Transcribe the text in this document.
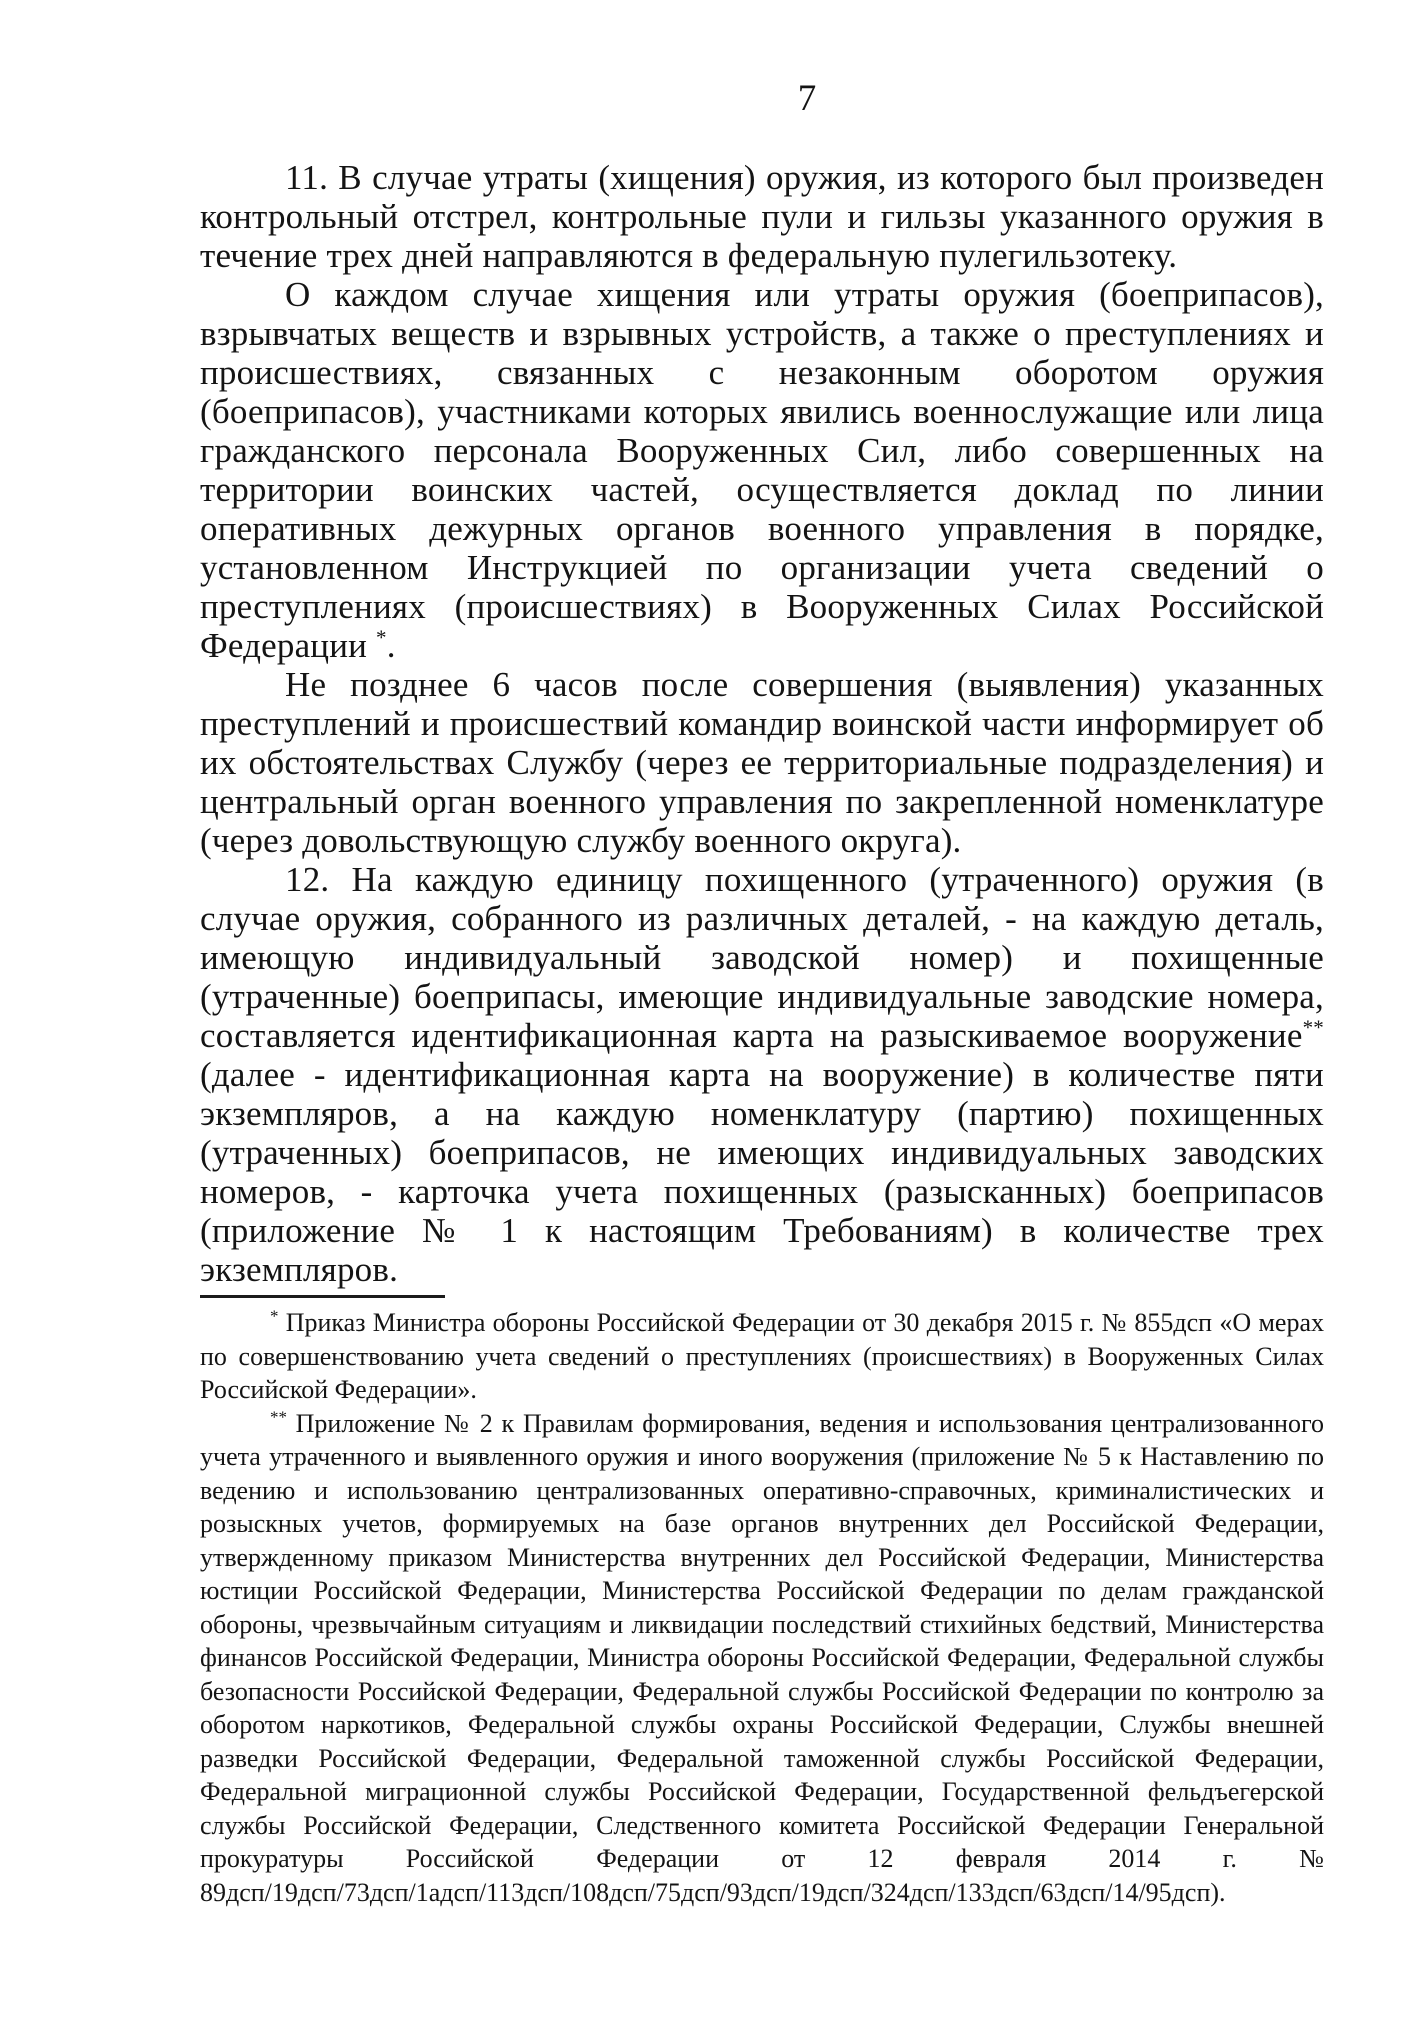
7

11. В случае утраты (хищения) оружия, из которого был произведен контрольный отстрел, контрольные пули и гильзы указанного оружия в течение трех дней направляются в федеральную пулегильзотеку.

О каждом случае хищения или утраты оружия (боеприпасов), взрывчатых веществ и взрывных устройств, а также о преступлениях и происшествиях, связанных с незаконным оборотом оружия (боеприпасов), участниками которых явились военнослужащие или лица гражданского персонала Вооруженных Сил, либо совершенных на территории воинских частей, осуществляется доклад по линии оперативных дежурных органов военного управления в порядке, установленном Инструкцией по организации учета сведений о преступлениях (происшествиях) в Вооруженных Силах Российской Федерации *.

Не позднее 6 часов после совершения (выявления) указанных преступлений и происшествий командир воинской части информирует об их обстоятельствах Службу (через ее территориальные подразделения) и центральный орган военного управления по закрепленной номенклатуре (через довольствующую службу военного округа).

12. На каждую единицу похищенного (утраченного) оружия (в случае оружия, собранного из различных деталей, - на каждую деталь, имеющую индивидуальный заводской номер) и похищенные (утраченные) боеприпасы, имеющие индивидуальные заводские номера, составляется идентификационная карта на разыскиваемое вооружение** (далее - идентификационная карта на вооружение) в количестве пяти экземпляров, а на каждую номенклатуру (партию) похищенных (утраченных) боеприпасов, не имеющих индивидуальных заводских номеров, - карточка учета похищенных (разысканных) боеприпасов (приложение № 1 к настоящим Требованиям) в количестве трех экземпляров.

* Приказ Министра обороны Российской Федерации от 30 декабря 2015 г. № 855дсп «О мерах по совершенствованию учета сведений о преступлениях (происшествиях) в Вооруженных Силах Российской Федерации».

** Приложение № 2 к Правилам формирования, ведения и использования централизованного учета утраченного и выявленного оружия и иного вооружения (приложение № 5 к Наставлению по ведению и использованию централизованных оперативно-справочных, криминалистических и розыскных учетов, формируемых на базе органов внутренних дел Российской Федерации, утвержденному приказом Министерства внутренних дел Российской Федерации, Министерства юстиции Российской Федерации, Министерства Российской Федерации по делам гражданской обороны, чрезвычайным ситуациям и ликвидации последствий стихийных бедствий, Министерства финансов Российской Федерации, Министра обороны Российской Федерации, Федеральной службы безопасности Российской Федерации, Федеральной службы Российской Федерации по контролю за оборотом наркотиков, Федеральной службы охраны Российской Федерации, Службы внешней разведки Российской Федерации, Федеральной таможенной службы Российской Федерации, Федеральной миграционной службы Российской Федерации, Государственной фельдъегерской службы Российской Федерации, Следственного комитета Российской Федерации Генеральной прокуратуры Российской Федерации от 12 февраля 2014 г. № 89дсп/19дсп/73дсп/1адсп/113дсп/108дсп/75дсп/93дсп/19дсп/324дсп/133дсп/63дсп/14/95дсп).
